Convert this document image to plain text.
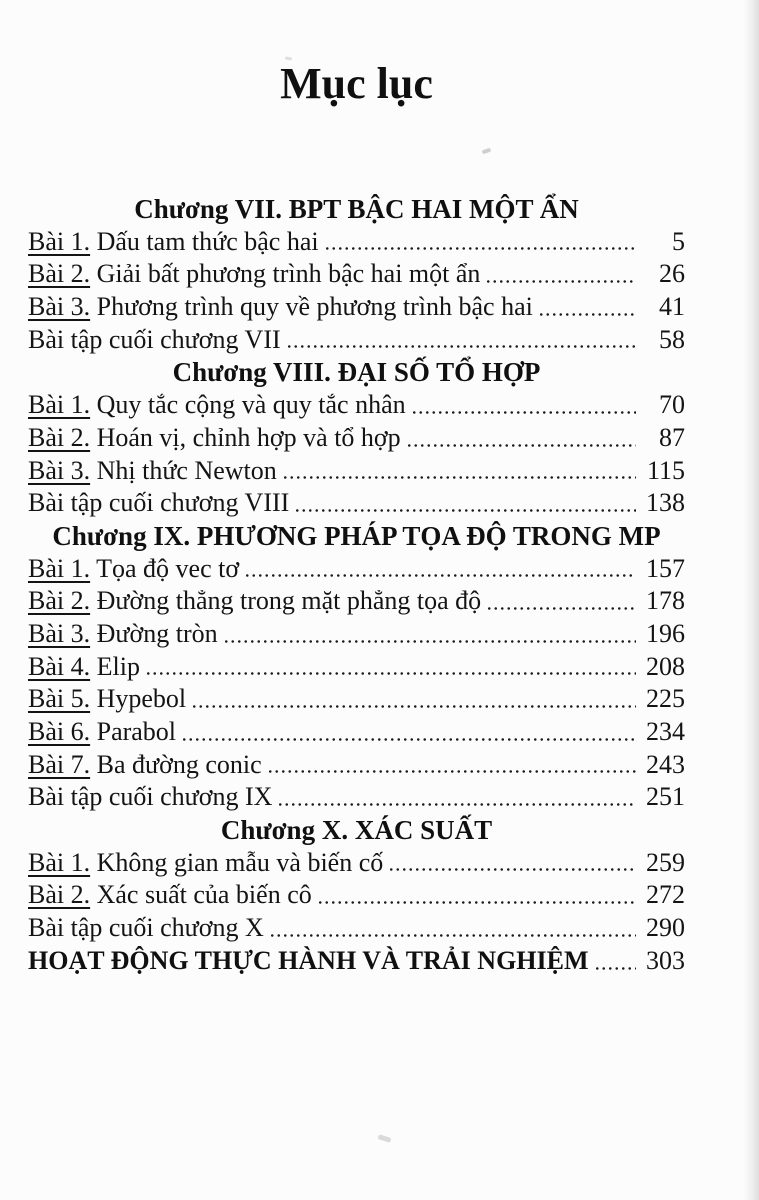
Mục lục
Chương VII. BPT BẬC HAI MỘT ẨN
Bài 1. Dấu tam thức bậc hai	5
Bài 2. Giải bất phương trình bậc hai một ẩn	26
Bài 3. Phương trình quy về phương trình bậc hai	41
Bài tập cuối chương VII	58
Chương VIII. ĐẠI SỐ TỔ HỢP
Bài 1. Quy tắc cộng và quy tắc nhân	70
Bài 2. Hoán vị, chỉnh hợp và tổ hợp	87
Bài 3. Nhị thức Newton	115
Bài tập cuối chương VIII	138
Chương IX. PHƯƠNG PHÁP TỌA ĐỘ TRONG MP
Bài 1. Tọa độ vec tơ	157
Bài 2. Đường thẳng trong mặt phẳng tọa độ	178
Bài 3. Đường tròn	196
Bài 4. Elip	208
Bài 5. Hypebol	225
Bài 6. Parabol	234
Bài 7. Ba đường conic	243
Bài tập cuối chương IX	251
Chương X. XÁC SUẤT
Bài 1. Không gian mẫu và biến cố	259
Bài 2. Xác suất của biến cô	272
Bài tập cuối chương X	290
HOẠT ĐỘNG THỰC HÀNH VÀ TRẢI NGHIỆM 303
